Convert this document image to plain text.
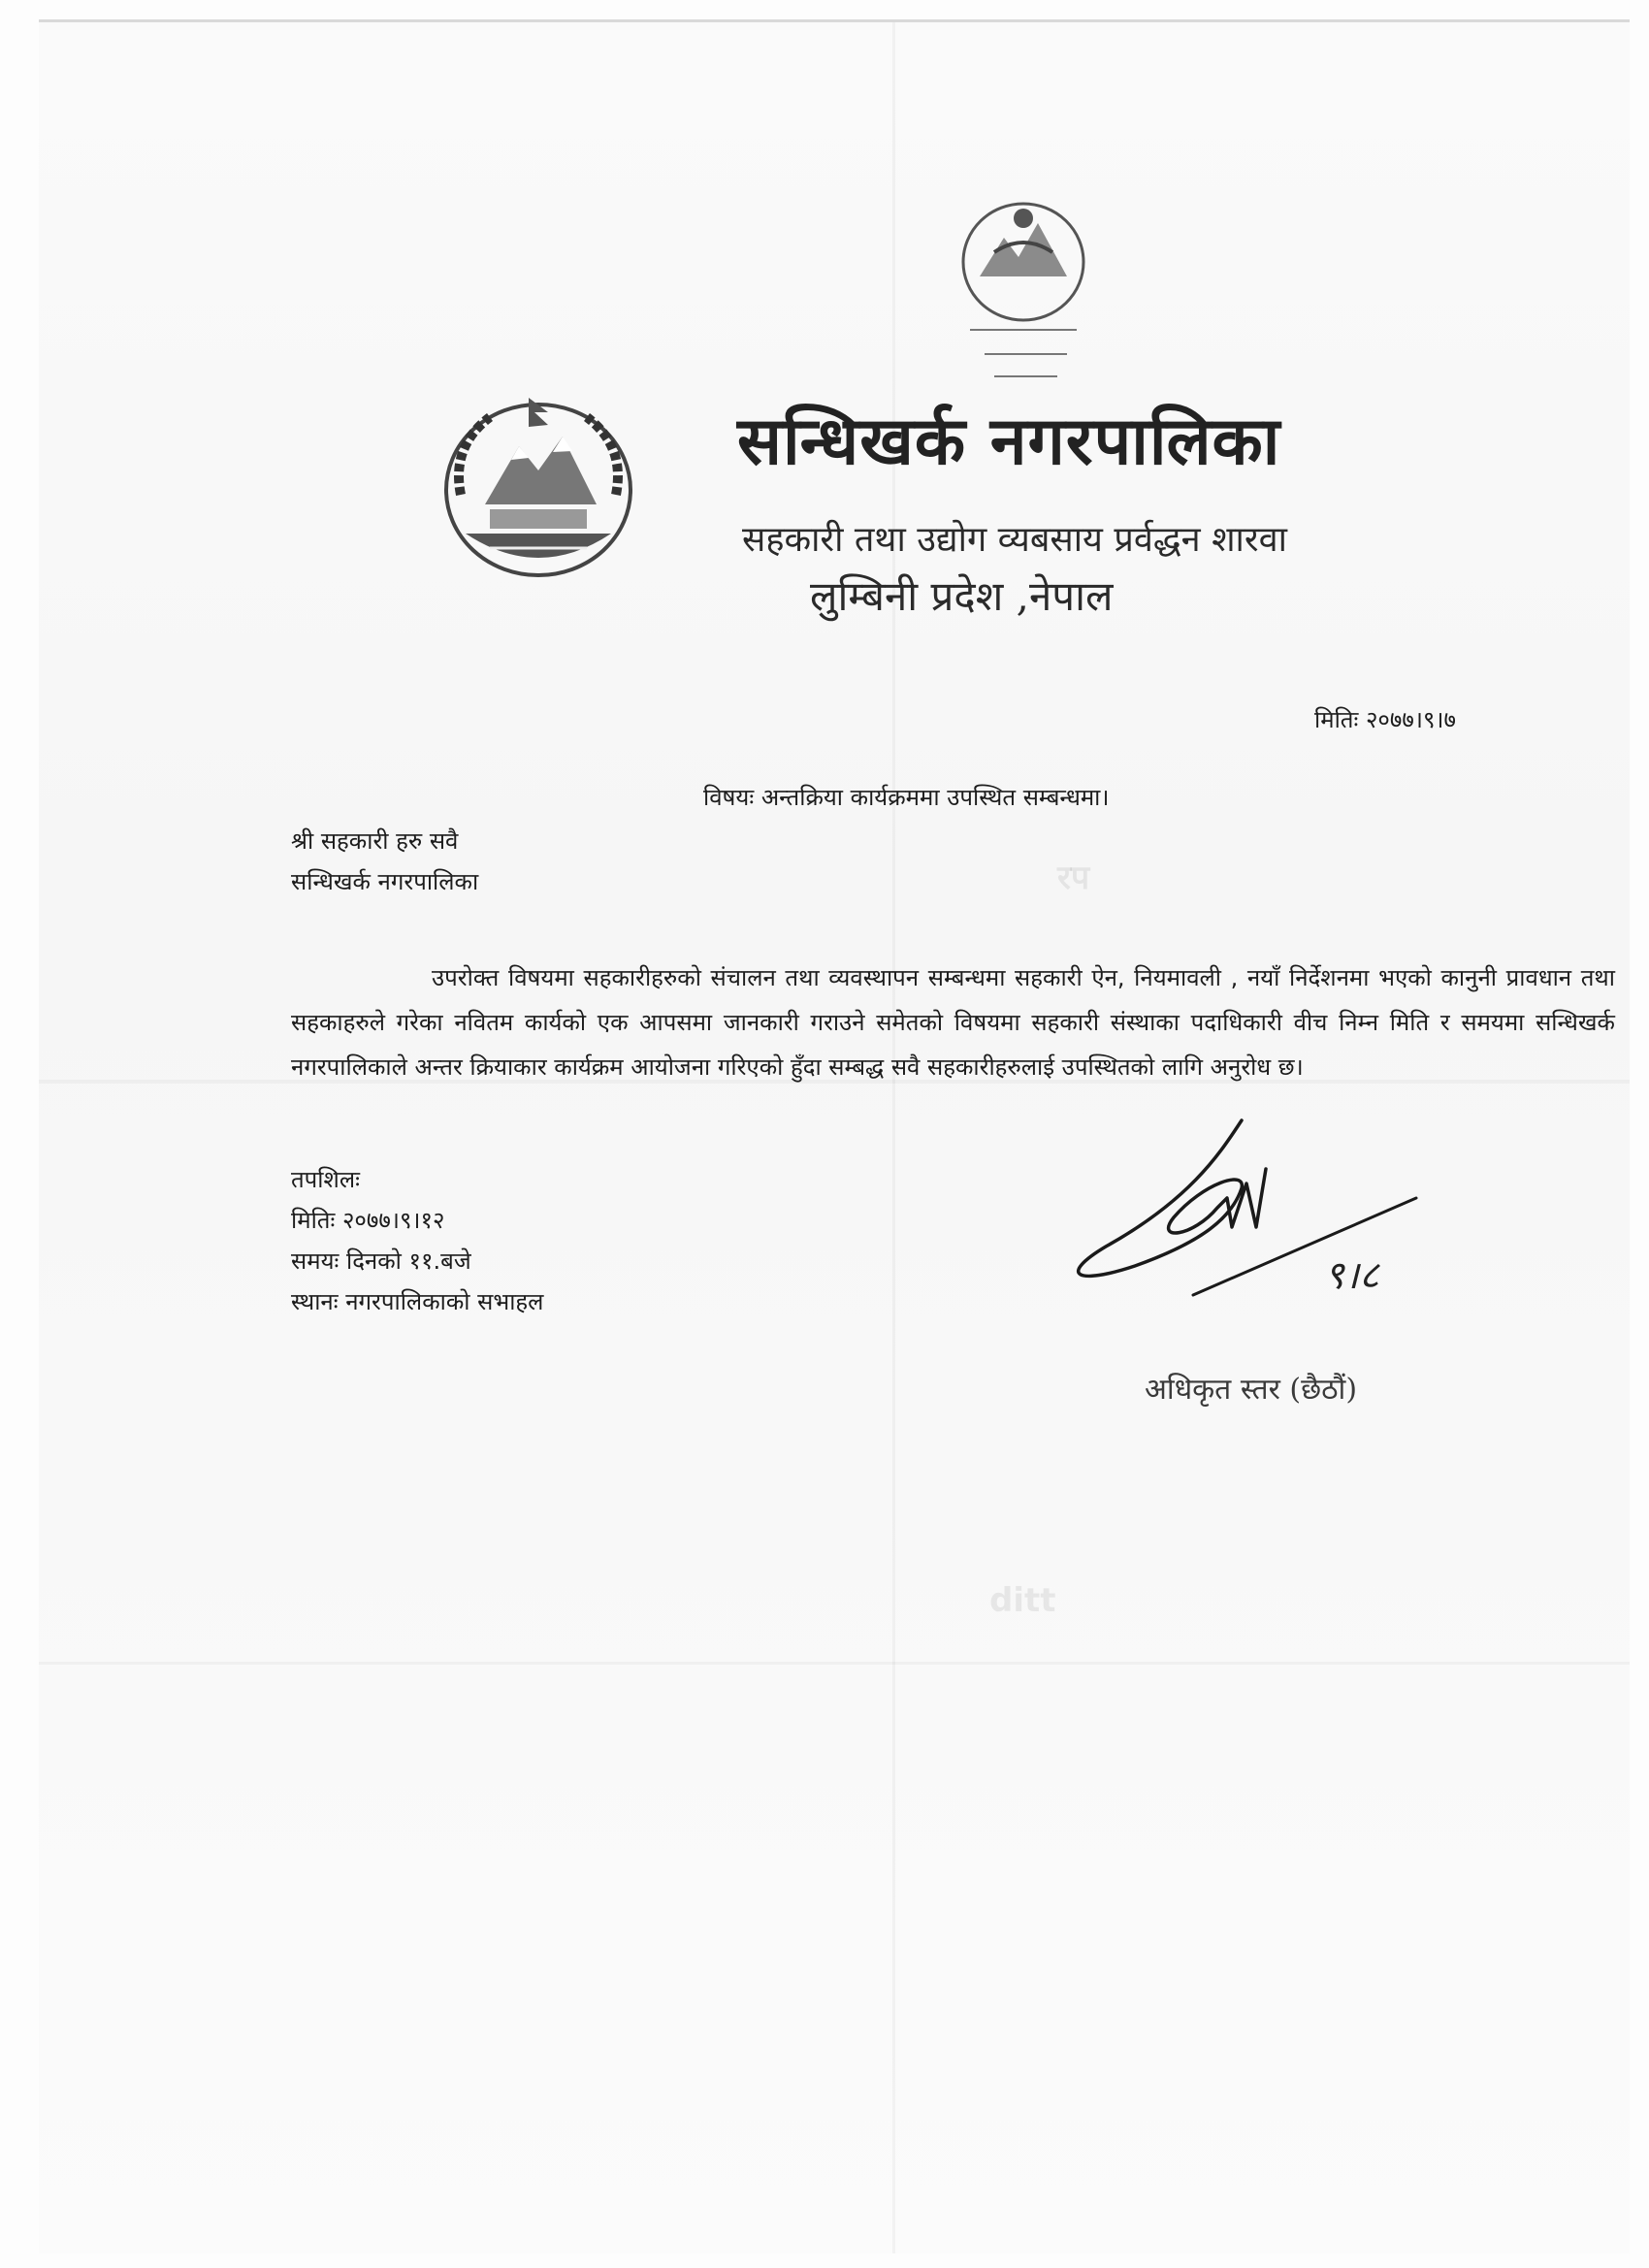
रप
ditt
सन्धिखर्क नगरपालिका
सहकारी तथा उद्योग व्यबसाय प्रर्वद्धन शारवा
लुम्बिनी प्रदेश ,नेपाल
मितिः २०७७।९।७
विषयः अन्तक्रिया कार्यक्रममा उपस्थित सम्बन्धमा।
श्री सहकारी हरु सवै
सन्धिखर्क नगरपालिका
उपरोक्त विषयमा सहकारीहरुको संचालन तथा व्यवस्थापन सम्बन्धमा सहकारी ऐन, नियमावली , नयाँ निर्देशनमा भएको कानुनी प्रावधान तथा सहकाहरुले गरेका नवितम कार्यको एक आपसमा जानकारी गराउने समेतको विषयमा सहकारी संस्थाका पदाधिकारी वीच निम्न मिति र समयमा सन्धिखर्क नगरपालिकाले अन्तर क्रियाकार कार्यक्रम आयोजना गरिएको हुँदा सम्बद्ध सवै सहकारीहरुलाई उपस्थितको लागि अनुरोध छ।
तपशिलः
मितिः २०७७।९।१२
समयः दिनको ११.बजे
स्थानः नगरपालिकाको सभाहल
९।८
अधिकृत स्तर (छैठौं)
